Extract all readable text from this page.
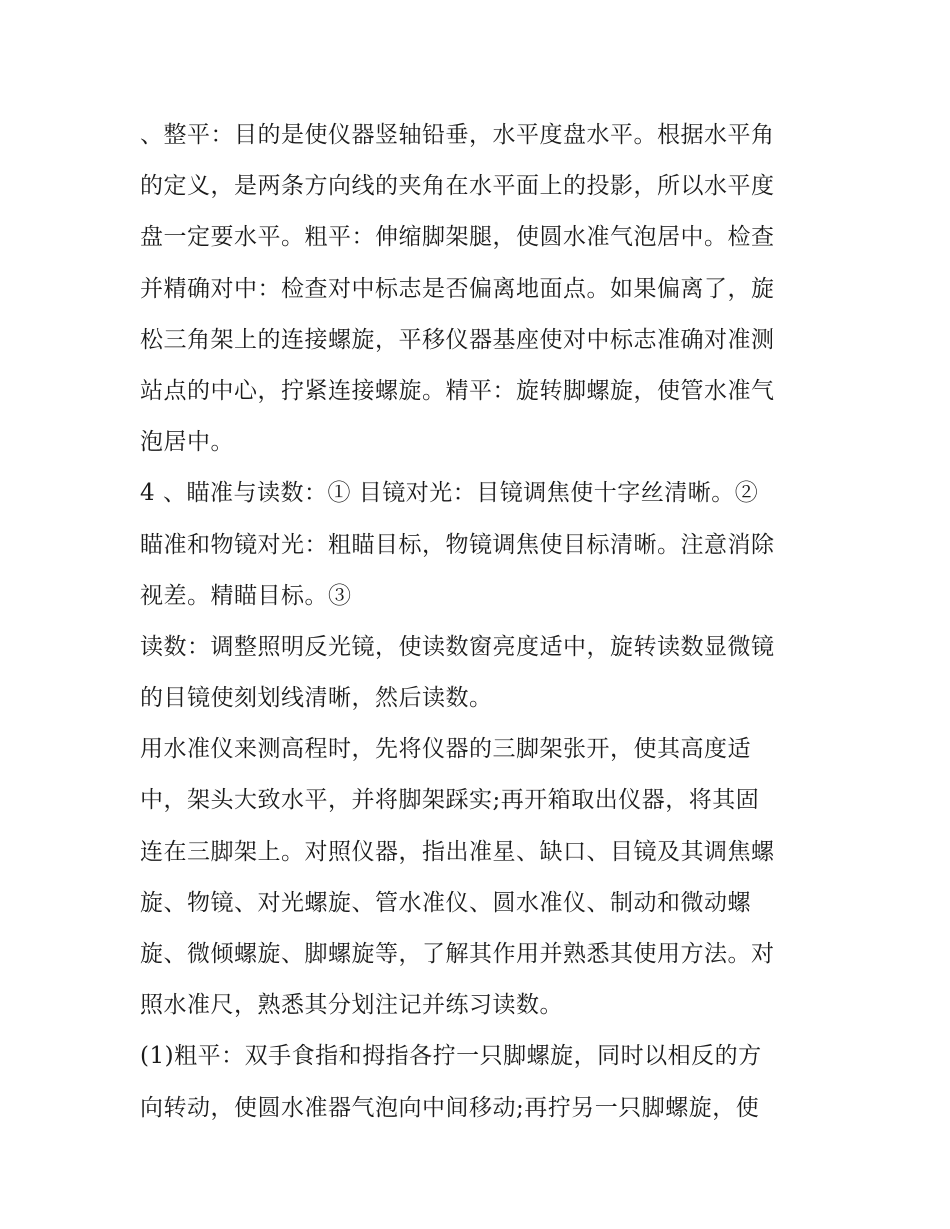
、整平：目的是使仪器竖轴铅垂，水平度盘水平。根据水平角
的定义，是两条方向线的夹角在水平面上的投影，所以水平度
盘一定要水平。粗平：伸缩脚架腿，使圆水准气泡居中。检查
并精确对中：检查对中标志是否偏离地面点。如果偏离了，旋
松三角架上的连接螺旋，平移仪器基座使对中标志准确对准测
站点的中心，拧紧连接螺旋。精平：旋转脚螺旋，使管水准气
泡居中。
4 、瞄准与读数：① 目镜对光：目镜调焦使十字丝清晰。②
瞄准和物镜对光：粗瞄目标，物镜调焦使目标清晰。注意消除
视差。精瞄目标。③
读数：调整照明反光镜，使读数窗亮度适中，旋转读数显微镜
的目镜使刻划线清晰，然后读数。
用水准仪来测高程时，先将仪器的三脚架张开，使其高度适
中，架头大致水平，并将脚架踩实;再开箱取出仪器，将其固
连在三脚架上。对照仪器，指出准星、缺口、目镜及其调焦螺
旋、物镜、对光螺旋、管水准仪、圆水准仪、制动和微动螺
旋、微倾螺旋、脚螺旋等，了解其作用并熟悉其使用方法。对
照水准尺，熟悉其分划注记并练习读数。
(1)粗平：双手食指和拇指各拧一只脚螺旋，同时以相反的方
向转动，使圆水准器气泡向中间移动;再拧另一只脚螺旋，使
